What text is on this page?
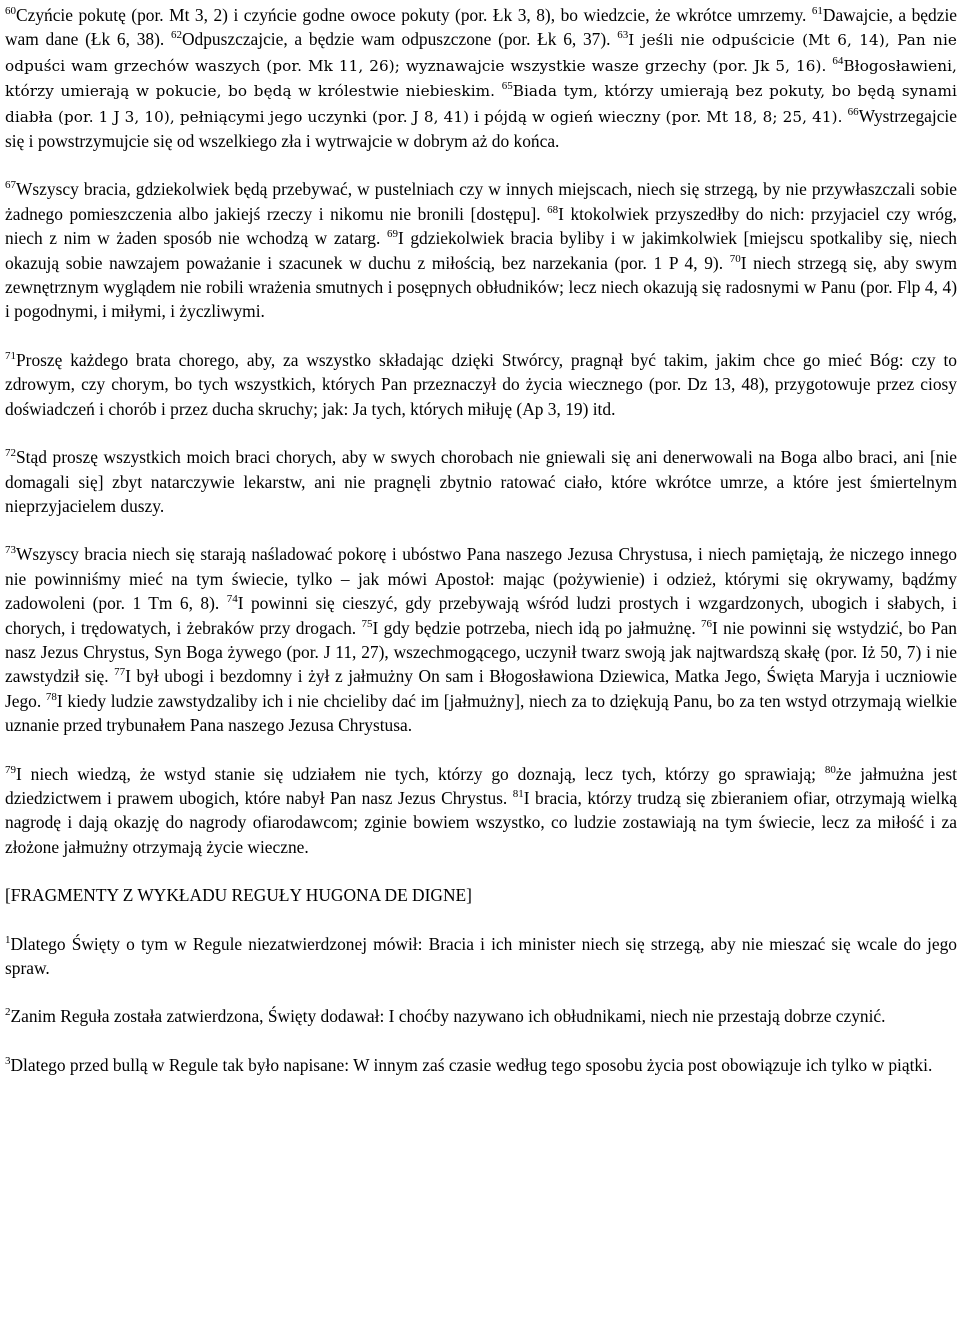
$^{60}$Czyńcie pokutę (por. Mt 3, 2) i czyńcie godne owoce pokuty (por. Łk 3, 8), bo wiedzcie, że wkrótce umrzemy. $^{61}$Dawajcie, a będzie wam dane (Łk 6, 38). $^{62}$Odpuszczajcie, a będzie wam odpuszczone (por. Łk 6, 37). $^{63}$I jeśli nie odpuścicie (Mt 6, 14), Pan nie odpuści wam grzechów waszych (por. Mk 11, 26); wyznawajcie wszystkie wasze grzechy (por. Jk 5, 16). $^{64}$Błogosławieni, którzy umierają w pokucie, bo będą w królestwie niebieskim. $^{65}$Biada tym, którzy umierają bez pokuty, bo będą synami diabła (por. 1 J 3, 10), pełniącymi jego uczynki (por. J 8, 41) i pójdą w ogień wieczny (por. Mt 18, 8; 25, 41). $^{66}$Wystrzegajcie się i powstrzymujcie się od wszelkiego zła i wytrwajcie w dobrym aż do końca.

$^{67}$Wszyscy bracia, gdziekolwiek będą przebywać, w pustelniach czy w innych miejscach, niech się strzegą, by nie przywłaszczali sobie żadnego pomieszczenia albo jakiejś rzeczy i nikomu nie bronili [dostępu]. $^{68}$I ktokolwiek przyszedłby do nich: przyjaciel czy wróg, niech z nim w żaden sposób nie wchodzą w zatarg. $^{69}$I gdziekolwiek bracia byliby i w jakimkolwiek [miejscu spotkaliby się, niech okazują sobie nawzajem poważanie i szacunek w duchu z miłością, bez narzekania (por. 1 P 4, 9). $^{70}$I niech strzegą się, aby swym zewnętrznym wyglądem nie robili wrażenia smutnych i posępnych obłudników; lecz niech okazują się radosnymi w Panu (por. Flp 4, 4) i pogodnymi, i miłymi, i życzliwymi.

$^{71}$Proszę każdego brata chorego, aby, za wszystko składając dzięki Stwórcy, pragnął być takim, jakim chce go mieć Bóg: czy to zdrowym, czy chorym, bo tych wszystkich, których Pan przeznaczył do życia wiecznego (por. Dz 13, 48), przygotowuje przez ciosy doświadczeń i chorób i przez ducha skruchy; jak: Ja tych, których miłuję (Ap 3, 19) itd.

$^{72}$Stąd proszę wszystkich moich braci chorych, aby w swych chorobach nie gniewali się ani denerwowali na Boga albo braci, ani [nie domagali się] zbyt natarczywie lekarstw, ani nie pragnęli zbytnio ratować ciało, które wkrótce umrze, a które jest śmiertelnym nieprzyjacielem duszy.

$^{73}$Wszyscy bracia niech się starają naśladować pokorę i ubóstwo Pana naszego Jezusa Chrystusa, i niech pamiętają, że niczego innego nie powinniśmy mieć na tym świecie, tylko – jak mówi Apostoł: mając (pożywienie) i odzież, którymi się okrywamy, bądźmy zadowoleni (por. 1 Tm 6, 8). $^{74}$I powinni się cieszyć, gdy przebywają wśród ludzi prostych i wzgardzonych, ubogich i słabych, i chorych, i trędowatych, i żebraków przy drogach. $^{75}$I gdy będzie potrzeba, niech idą po jałmużnę. $^{76}$I nie powinni się wstydzić, bo Pan nasz Jezus Chrystus, Syn Boga żywego (por. J 11, 27), wszechmogącego, uczynił twarz swoją jak najtwardszą skałę (por. Iż 50, 7) i nie zawstydził się. $^{77}$I był ubogi i bezdomny i żył z jałmużny On sam i Błogosławiona Dziewica, Matka Jego, Święta Maryja i uczniowie Jego. $^{78}$I kiedy ludzie zawstydzaliby ich i nie chcieliby dać im [jałmużny], niech za to dziękują Panu, bo za ten wstyd otrzymają wielkie uznanie przed trybunałem Pana naszego Jezusa Chrystusa.

$^{79}$I niech wiedzą, że wstyd stanie się udziałem nie tych, którzy go doznają, lecz tych, którzy go sprawiają; $^{80}$że jałmużna jest dziedzictwem i prawem ubogich, które nabył Pan nasz Jezus Chrystus. $^{81}$I bracia, którzy trudzą się zbieraniem ofiar, otrzymają wielką nagrodę i dają okazję do nagrody ofiarodawcom; zginie bowiem wszystko, co ludzie zostawiają na tym świecie, lecz za miłość i za złożone jałmużny otrzymają życie wieczne.

[FRAGMENTY Z WYKŁADU REGUŁY HUGONA DE DIGNE]

$^1$Dlatego Święty o tym w Regule niezatwierdzonej mówił: Bracia i ich minister niech się strzegą, aby nie mieszać się wcale do jego spraw.

$^2$Zanim Reguła została zatwierdzona, Święty dodawał: I choćby nazywano ich obłudnikami, niech nie przestają dobrze czynić.

$^3$Dlatego przed bullą w Regule tak było napisane: W innym zaś czasie według tego sposobu życia post obowiązuje ich tylko w piątki.
